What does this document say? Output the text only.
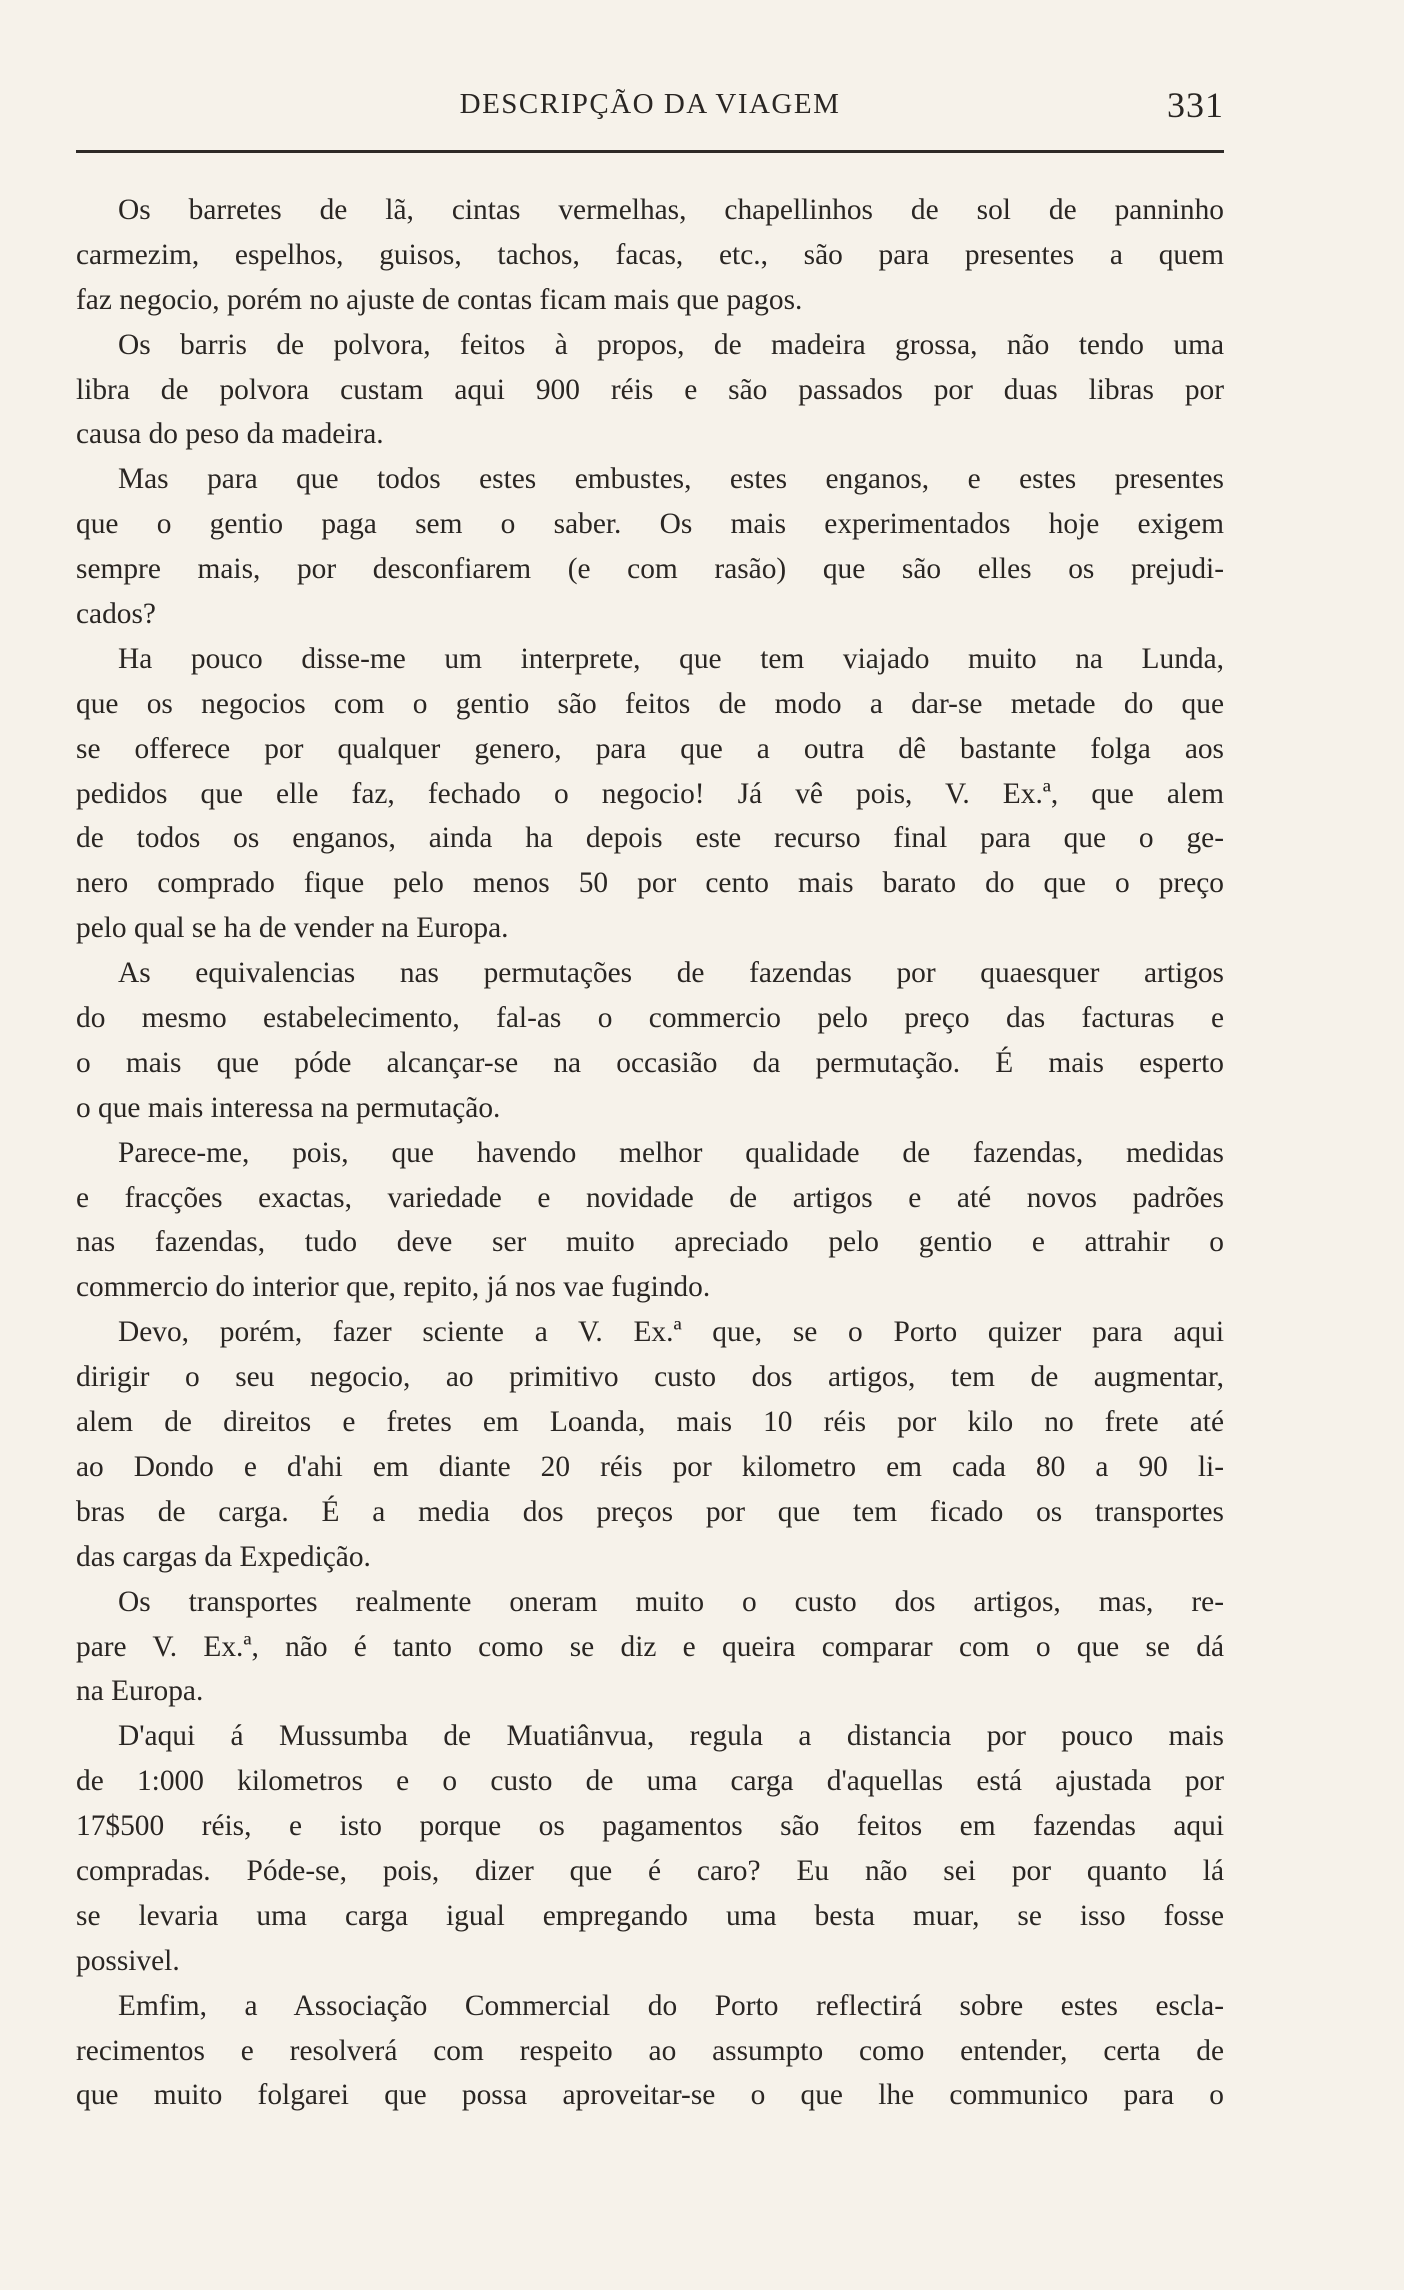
DESCRIPÇÃO DA VIAGEM	331
Os barretes de lã, cintas vermelhas, chapellinhos de sol de panninho
carmezim, espelhos, guisos, tachos, facas, etc., são para presentes a quem
faz negocio, porém no ajuste de contas ficam mais que pagos.
Os barris de polvora, feitos à propos, de madeira grossa, não tendo uma
libra de polvora custam aqui 900 réis e são passados por duas libras por
causa do peso da madeira.
Mas para que todos estes embustes, estes enganos, e estes presentes
que o gentio paga sem o saber. Os mais experimentados hoje exigem
sempre mais, por desconfiarem (e com rasão) que são elles os prejudi-
cados?
Ha pouco disse-me um interprete, que tem viajado muito na Lunda,
que os negocios com o gentio são feitos de modo a dar-se metade do que
se offerece por qualquer genero, para que a outra dê bastante folga aos
pedidos que elle faz, fechado o negocio! Já vê pois, V. Ex.ª, que alem
de todos os enganos, ainda ha depois este recurso final para que o ge-
nero comprado fique pelo menos 50 por cento mais barato do que o preço
pelo qual se ha de vender na Europa.
As equivalencias nas permutações de fazendas por quaesquer artigos
do mesmo estabelecimento, fal-as o commercio pelo preço das facturas e
o mais que póde alcançar-se na occasião da permutação. É mais esperto
o que mais interessa na permutação.
Parece-me, pois, que havendo melhor qualidade de fazendas, medidas
e fracções exactas, variedade e novidade de artigos e até novos padrões
nas fazendas, tudo deve ser muito apreciado pelo gentio e attrahir o
commercio do interior que, repito, já nos vae fugindo.
Devo, porém, fazer sciente a V. Ex.ª que, se o Porto quizer para aqui
dirigir o seu negocio, ao primitivo custo dos artigos, tem de augmentar,
alem de direitos e fretes em Loanda, mais 10 réis por kilo no frete até
ao Dondo e d'ahi em diante 20 réis por kilometro em cada 80 a 90 li-
bras de carga. É a media dos preços por que tem ficado os transportes
das cargas da Expedição.
Os transportes realmente oneram muito o custo dos artigos, mas, re-
pare V. Ex.ª, não é tanto como se diz e queira comparar com o que se dá
na Europa.
D'aqui á Mussumba de Muatiânvua, regula a distancia por pouco mais
de 1:000 kilometros e o custo de uma carga d'aquellas está ajustada por
17$500 réis, e isto porque os pagamentos são feitos em fazendas aqui
compradas. Póde-se, pois, dizer que é caro? Eu não sei por quanto lá
se levaria uma carga igual empregando uma besta muar, se isso fosse
possivel.
Emfim, a Associação Commercial do Porto reflectirá sobre estes escla-
recimentos e resolverá com respeito ao assumpto como entender, certa de
que muito folgarei que possa aproveitar-se o que lhe communico para o
